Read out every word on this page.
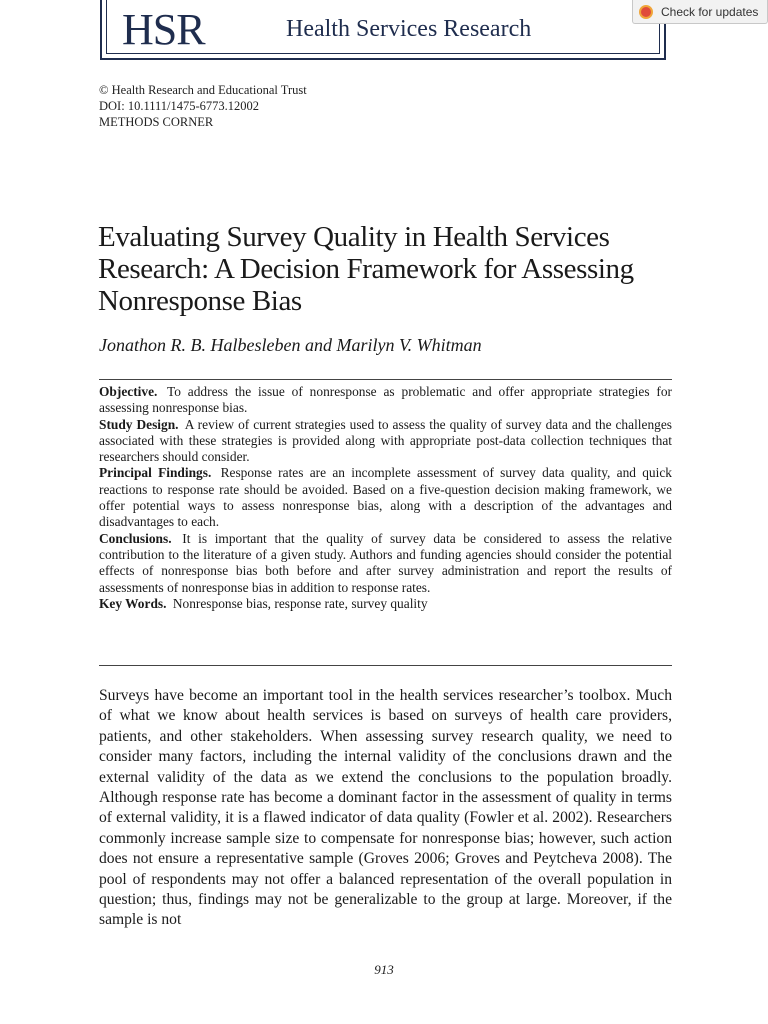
HSR	Health Services Research
Check for updates
© Health Research and Educational Trust
DOI: 10.1111/1475-6773.12002
METHODS CORNER
Evaluating Survey Quality in Health Services Research: A Decision Framework for Assessing Nonresponse Bias
Jonathon R. B. Halbesleben and Marilyn V. Whitman

Objective. To address the issue of nonresponse as problematic and offer appropriate strategies for assessing nonresponse bias.

Study Design. A review of current strategies used to assess the quality of survey data and the challenges associated with these strategies is provided along with appropriate post-data collection techniques that researchers should consider.

Principal Findings. Response rates are an incomplete assessment of survey data quality, and quick reactions to response rate should be avoided. Based on a five-question decision making framework, we offer potential ways to assess nonresponse bias, along with a description of the advantages and disadvantages to each.

Conclusions. It is important that the quality of survey data be considered to assess the relative contribution to the literature of a given study. Authors and funding agencies should consider the potential effects of nonresponse bias both before and after survey administration and report the results of assessments of nonresponse bias in addition to response rates.

Key Words. Nonresponse bias, response rate, survey quality

Surveys have become an important tool in the health services researcher’s toolbox. Much of what we know about health services is based on surveys of health care providers, patients, and other stakeholders. When assessing survey research quality, we need to consider many factors, including the internal validity of the conclusions drawn and the external validity of the data as we extend the conclusions to the population broadly. Although response rate has become a dominant factor in the assessment of quality in terms of external validity, it is a flawed indicator of data quality (Fowler et al. 2002). Researchers commonly increase sample size to compensate for nonresponse bias; however, such action does not ensure a representative sample (Groves 2006; Groves and Peytcheva 2008). The pool of respondents may not offer a balanced representation of the overall population in question; thus, findings may not be generalizable to the group at large. Moreover, if the sample is not

913
